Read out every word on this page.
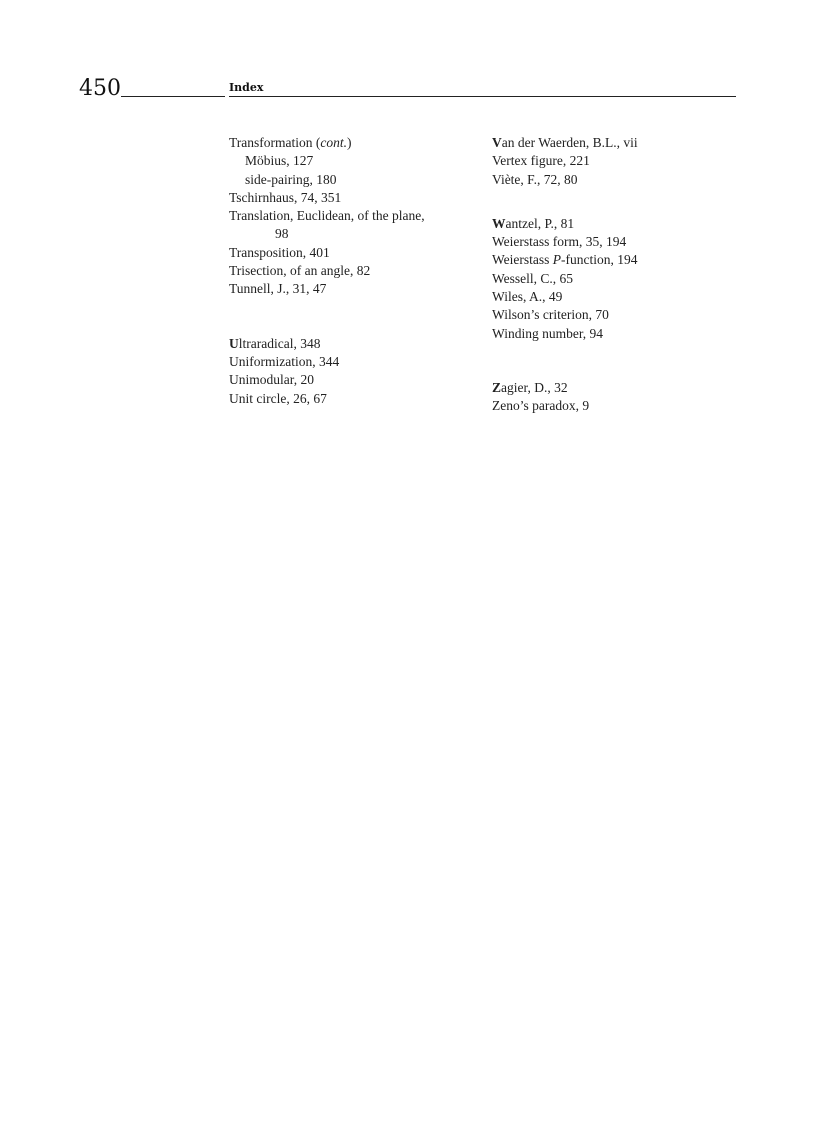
450	Index
Transformation (cont.)
Möbius, 127
side-pairing, 180
Tschirnhaus, 74, 351
Translation, Euclidean, of the plane,
98
Transposition, 401
Trisection, of an angle, 82
Tunnell, J., 31, 47
Ultraradical, 348
Uniformization, 344
Unimodular, 20
Unit circle, 26, 67
Van der Waerden, B.L., vii
Vertex figure, 221
Viète, F., 72, 80
Wantzel, P., 81
Weierstass form, 35, 194
Weierstass P-function, 194
Wessell, C., 65
Wiles, A., 49
Wilson’s criterion, 70
Winding number, 94
Zagier, D., 32
Zeno’s paradox, 9
